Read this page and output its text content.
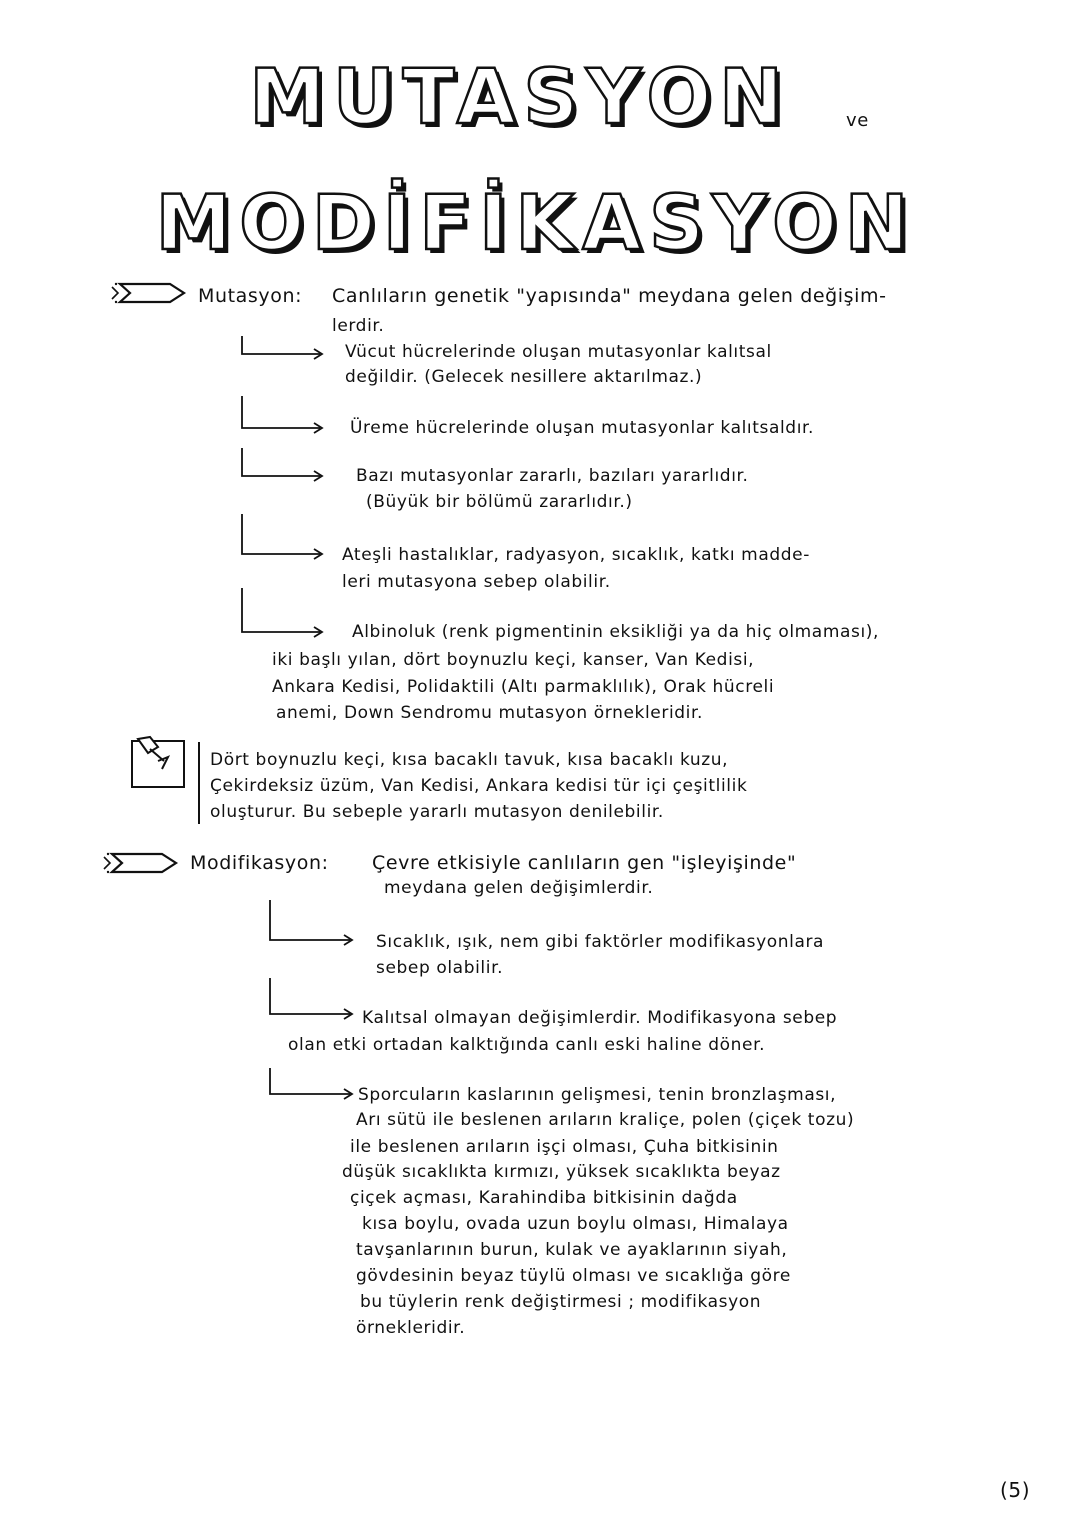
MUTASYON	ve
MODİFİKASYON
Mutasyon: Canlıların genetik "yapısında" meydana gelen değişim-
lerdir.
Vücut hücrelerinde oluşan mutasyonlar kalıtsal
değildir. (Gelecek nesillere aktarılmaz.)
Üreme hücrelerinde oluşan mutasyonlar kalıtsaldır.
Bazı mutasyonlar zararlı, bazıları yararlıdır.
(Büyük bir bölümü zararlıdır.)
Ateşli hastalıklar, radyasyon, sıcaklık, katkı madde-
leri mutasyona sebep olabilir.
Albinoluk (renk pigmentinin eksikliği ya da hiç olmaması),
iki başlı yılan, dört boynuzlu keçi, kanser, Van Kedisi,
Ankara Kedisi, Polidaktili (Altı parmaklılık), Orak hücreli
anemi, Down Sendromu mutasyon örnekleridir.
Dört boynuzlu keçi, kısa bacaklı tavuk, kısa bacaklı kuzu,
Çekirdeksiz üzüm, Van Kedisi, Ankara kedisi tür içi çeşitlilik
oluşturur. Bu sebeple yararlı mutasyon denilebilir.
Modifikasyon: Çevre etkisiyle canlıların gen "işleyişinde"
meydana gelen değişimlerdir.
Sıcaklık, ışık, nem gibi faktörler modifikasyonlara
sebep olabilir.
Kalıtsal olmayan değişimlerdir. Modifikasyona sebep
olan etki ortadan kalktığında canlı eski haline döner.
Sporcuların kaslarının gelişmesi, tenin bronzlaşması,
Arı sütü ile beslenen arıların kraliçe, polen (çiçek tozu)
ile beslenen arıların işçi olması, Çuha bitkisinin
düşük sıcaklıkta kırmızı, yüksek sıcaklıkta beyaz
çiçek açması, Karahindiba bitkisinin dağda
kısa boylu, ovada uzun boylu olması, Himalaya
tavşanlarının burun, kulak ve ayaklarının siyah,
gövdesinin beyaz tüylü olması ve sıcaklığa göre
bu tüylerin renk değiştirmesi ; modifikasyon
örnekleridir.
(5)
